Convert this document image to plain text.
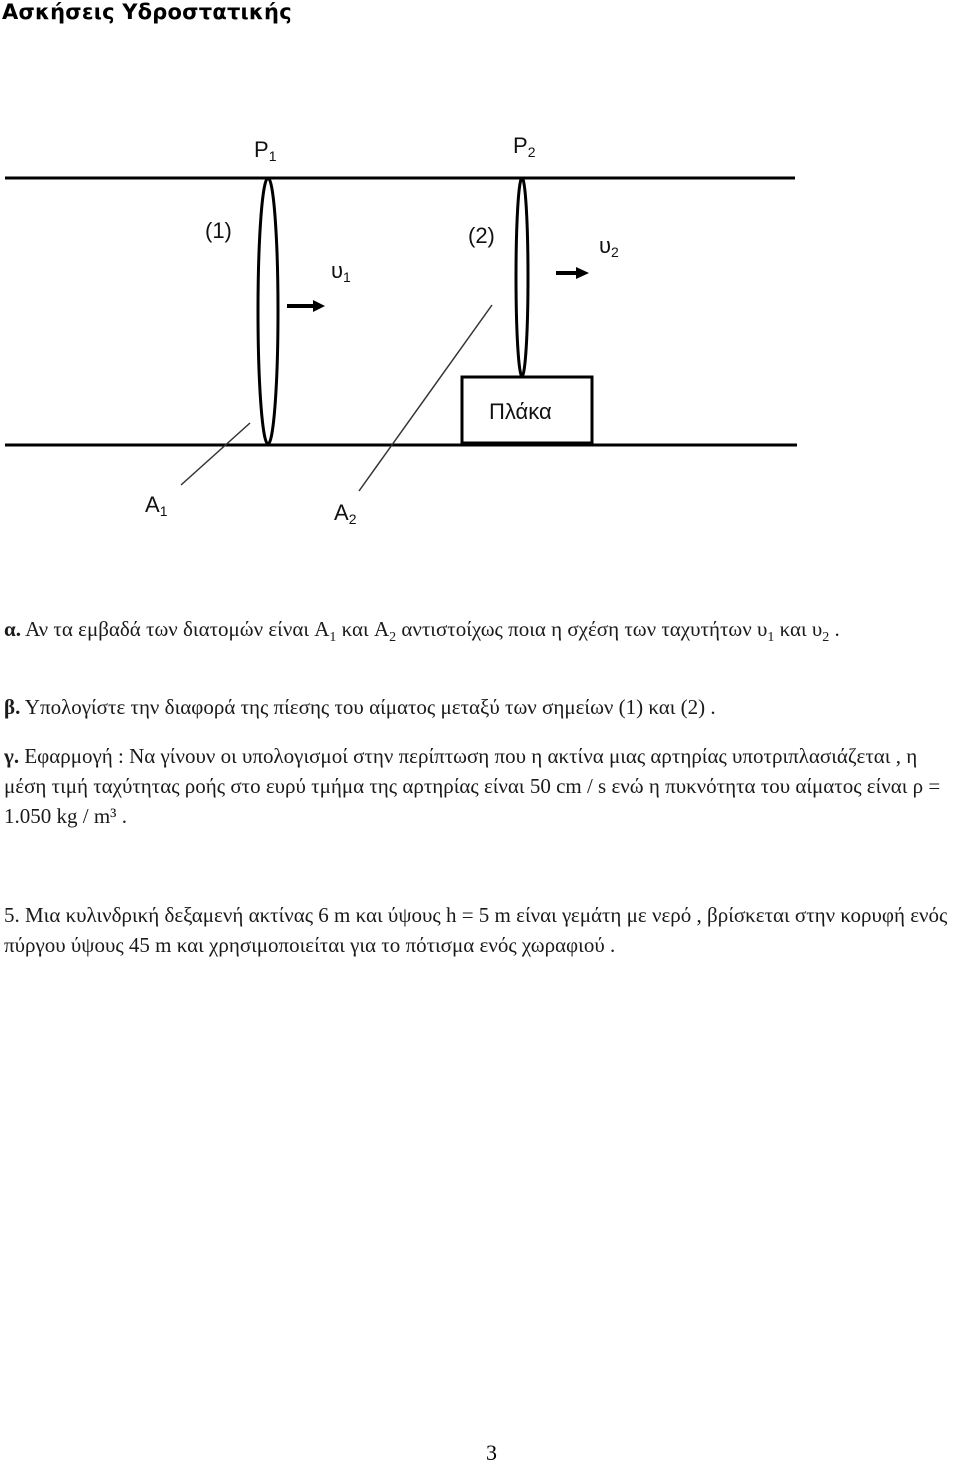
Ασκήσεις Υδροστατικής
Πλάκα
P1	P2
(1)	(2)
υ1
υ2
A1	A2
α. Αν τα εμβαδά των διατομών είναι $A_1$ και $A_2$ αντιστοίχως ποια η σχέση των ταχυτήτων $\upsilon_1$ και $\upsilon_2$ .
β. Υπολογίστε την διαφορά της πίεσης του αίματος μεταξύ των σημείων (1) και (2) .
γ. Εφαρμογή : Να γίνουν οι υπολογισμοί στην περίπτωση που η ακτίνα μιας αρτηρίας υποτριπλασιάζεται , η μέση τιμή ταχύτητας ροής στο ευρύ τμήμα της αρτηρίας είναι 50 cm / s ενώ η πυκνότητα του αίματος είναι ρ = 1.050 kg / m³ .
5. Μια κυλινδρική δεξαμενή ακτίνας 6 m και ύψους h = 5 m είναι γεμάτη με νερό , βρίσκεται στην κορυφή ενός πύργου ύψους 45 m και χρησιμοποιείται για το πότισμα ενός χωραφιού .
3
